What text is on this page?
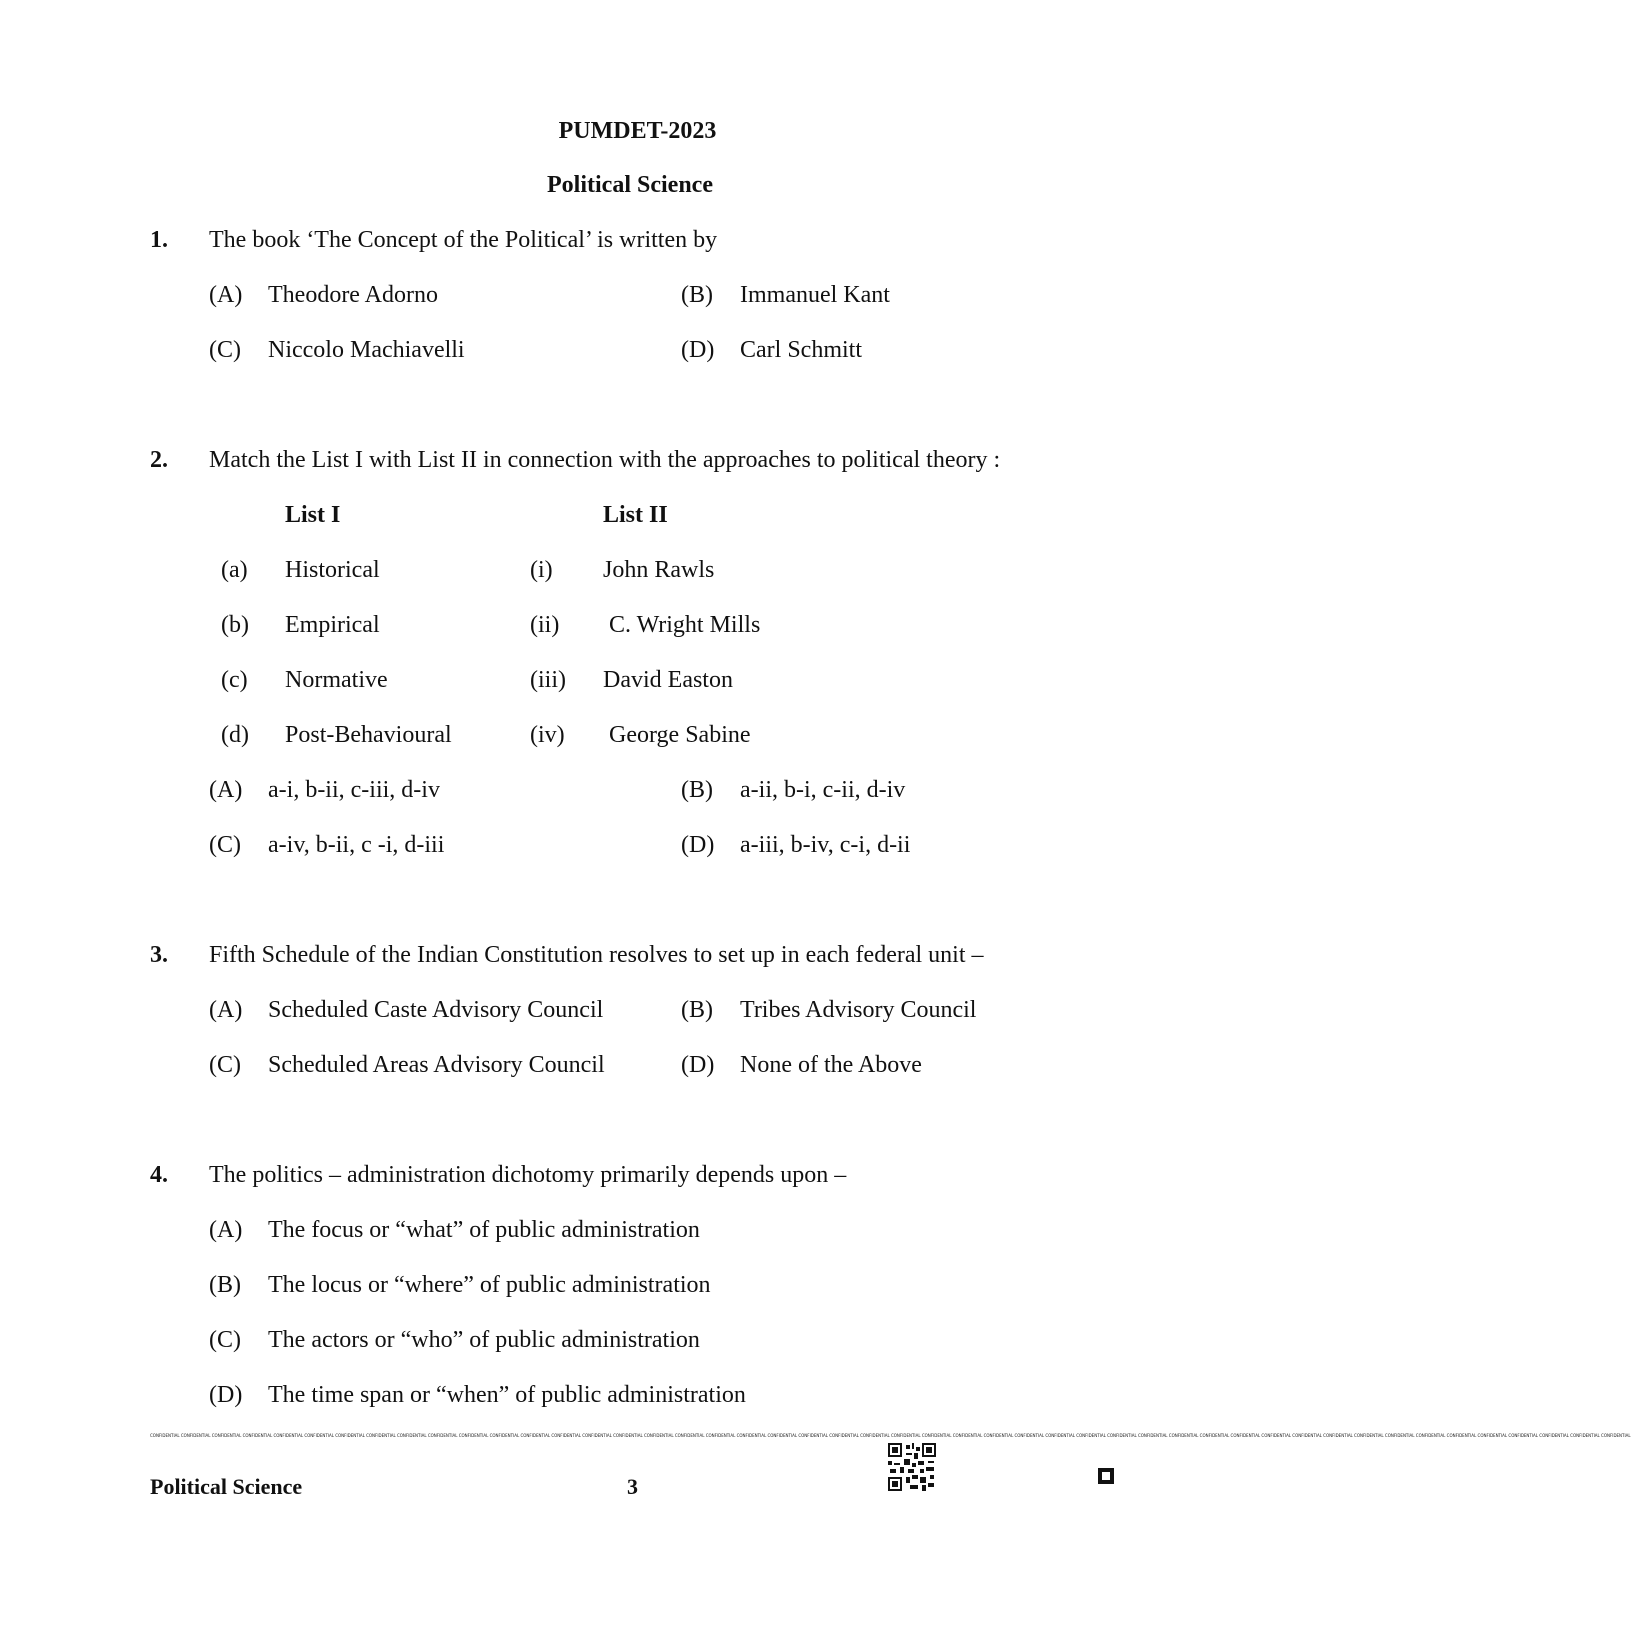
PUMDET-2023
Political Science
1. The book ‘The Concept of the Political’ is written by
(A) Theodore Adorno	(B) Immanuel Kant
(C) Niccolo Machiavelli	(D) Carl Schmitt
2. Match the List I with List II in connection with the approaches to political theory :
List I	List II
(a) Historical	(i) John Rawls
(b) Empirical	(ii) C. Wright Mills
(c) Normative	(iii) David Easton
(d) Post-Behavioural	(iv) George Sabine
(A) a-i, b-ii, c-iii, d-iv	(B) a-ii, b-i, c-ii, d-iv
(C) a-iv, b-ii, c -i, d-iii	(D) a-iii, b-iv, c-i, d-ii
3. Fifth Schedule of the Indian Constitution resolves to set up in each federal unit –
(A) Scheduled Caste Advisory Council	(B) Tribes Advisory Council
(C) Scheduled Areas Advisory Council	(D) None of the Above
4. The politics – administration dichotomy primarily depends upon –
(A) The focus or “what” of public administration
(B) The locus or “where” of public administration
(C) The actors or “who” of public administration
(D) The time span or “when” of public administration
CONFIDENTIAL CONFIDENTIAL CONFIDENTIAL CONFIDENTIAL CONFIDENTIAL CONFIDENTIAL CONFIDENTIAL CONFIDENTIAL CONFIDENTIAL CONFIDENTIAL CONFIDENTIAL CONFIDENTIAL CONFIDENTIAL CONFIDENTIAL CONFIDENTIAL CONFIDENTIAL CONFIDENTIAL CONFIDENTIAL CONFIDENTIAL CONFIDENTIAL CONFIDENTIAL CONFIDENTIAL CONFIDENTIAL CONFIDENTIAL CONFIDENTIAL CONFIDENTIAL CONFIDENTIAL CONFIDENTIAL CONFIDENTIAL CONFIDENTIAL CONFIDENTIAL CONFIDENTIAL CONFIDENTIAL CONFIDENTIAL CONFIDENTIAL CONFIDENTIAL CONFIDENTIAL CONFIDENTIAL CONFIDENTIAL CONFIDENTIAL CONFIDENTIAL CONFIDENTIAL CONFIDENTIAL CONFIDENTIAL CONFIDENTIAL CONFIDENTIAL CONFIDENTIAL CONFIDENTIAL
Political Science	3
